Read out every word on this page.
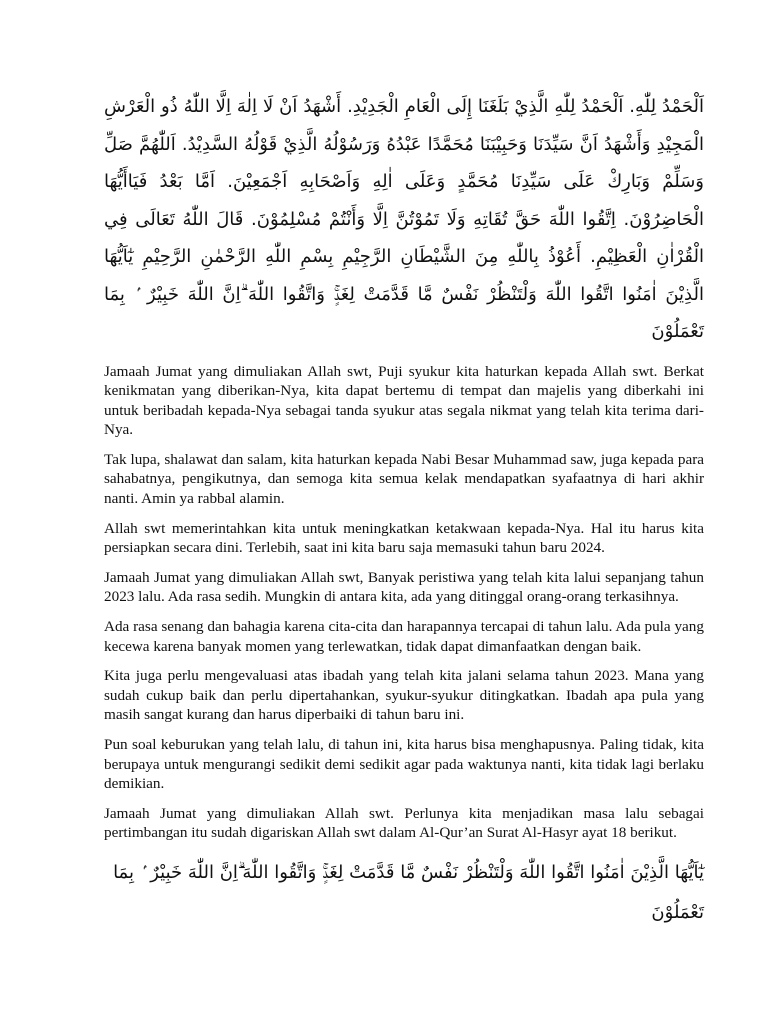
اَلْحَمْدُ لِلّٰهِ. اَلْحَمْدُ لِلّٰهِ الَّذِيْ بَلَغَنَا إِلَى الْعَامِ الْجَدِيْدِ. أَشْهَدُ اَنْ لَا اِلٰهَ اِلَّا اللّٰهُ ذُو الْعَرْشِ الْمَجِيْدِ وَأَشْهَدُ اَنَّ سَيِّدَنَا وَحَبِيْبَنَا مُحَمَّدًا عَبْدُهُ وَرَسُوْلُهُ الَّذِيْ قَوْلُهُ السَّدِيْدُ. اَللّٰهُمَّ صَلِّ وَسَلِّمْ وَبَارِكْ عَلَى سَيِّدِنَا مُحَمَّدٍ وَعَلَى اٰلِهِ وَاَصْحَابِهِ اَجْمَعِيْنَ. اَمَّا بَعْدُ فَيَاأَيُّهَا الْحَاضِرُوْنَ. اِتَّقُوا اللّٰهَ حَقَّ تُقَاتِهِ وَلَا تَمُوْتُنَّ اِلَّا وَأَنْتُمْ مُسْلِمُوْنَ. قَالَ اللّٰهُ تَعَالَى فِي الْقُرْاٰنِ الْعَظِيْمِ. أَعُوْذُ بِاللّٰهِ مِنَ الشَّيْطَانِ الرَّجِيْمِ بِسْمِ اللّٰهِ الرَّحْمٰنِ الرَّحِيْمِ يٰٓاَيُّهَا الَّذِيْنَ اٰمَنُوا اتَّقُوا اللّٰهَ وَلْتَنْظُرْ نَفْسٌ مَّا قَدَّمَتْ لِغَدٍۚ وَاتَّقُوا اللّٰهَ ۗاِنَّ اللّٰهَ خَبِيْرٌ ۢ بِمَا تَعْمَلُوْنَ

Jamaah Jumat yang dimuliakan Allah swt, Puji syukur kita haturkan kepada Allah swt. Berkat kenikmatan yang diberikan-Nya, kita dapat bertemu di tempat dan majelis yang diberkahi ini untuk beribadah kepada-Nya sebagai tanda syukur atas segala nikmat yang telah kita terima dari-Nya.

Tak lupa, shalawat dan salam, kita haturkan kepada Nabi Besar Muhammad saw, juga kepada para sahabatnya, pengikutnya, dan semoga kita semua kelak mendapatkan syafaatnya di hari akhir nanti. Amin ya rabbal alamin.

Allah swt memerintahkan kita untuk meningkatkan ketakwaan kepada-Nya. Hal itu harus kita persiapkan secara dini. Terlebih, saat ini kita baru saja memasuki tahun baru 2024.

Jamaah Jumat yang dimuliakan Allah swt, Banyak peristiwa yang telah kita lalui sepanjang tahun 2023 lalu. Ada rasa sedih. Mungkin di antara kita, ada yang ditinggal orang-orang terkasihnya.

Ada rasa senang dan bahagia karena cita-cita dan harapannya tercapai di tahun lalu. Ada pula yang kecewa karena banyak momen yang terlewatkan, tidak dapat dimanfaatkan dengan baik.

Kita juga perlu mengevaluasi atas ibadah yang telah kita jalani selama tahun 2023. Mana yang sudah cukup baik dan perlu dipertahankan, syukur-syukur ditingkatkan. Ibadah apa pula yang masih sangat kurang dan harus diperbaiki di tahun baru ini.

Pun soal keburukan yang telah lalu, di tahun ini, kita harus bisa menghapusnya. Paling tidak, kita berupaya untuk mengurangi sedikit demi sedikit agar pada waktunya nanti, kita tidak lagi berlaku demikian.

Jamaah Jumat yang dimuliakan Allah swt. Perlunya kita menjadikan masa lalu sebagai pertimbangan itu sudah digariskan Allah swt dalam Al-Qur’an Surat Al-Hasyr ayat 18 berikut.

يٰٓاَيُّهَا الَّذِيْنَ اٰمَنُوا اتَّقُوا اللّٰهَ وَلْتَنْظُرْ نَفْسٌ مَّا قَدَّمَتْ لِغَدٍۚ وَاتَّقُوا اللّٰهَ ۗاِنَّ اللّٰهَ خَبِيْرٌ ۢ بِمَا تَعْمَلُوْنَ
